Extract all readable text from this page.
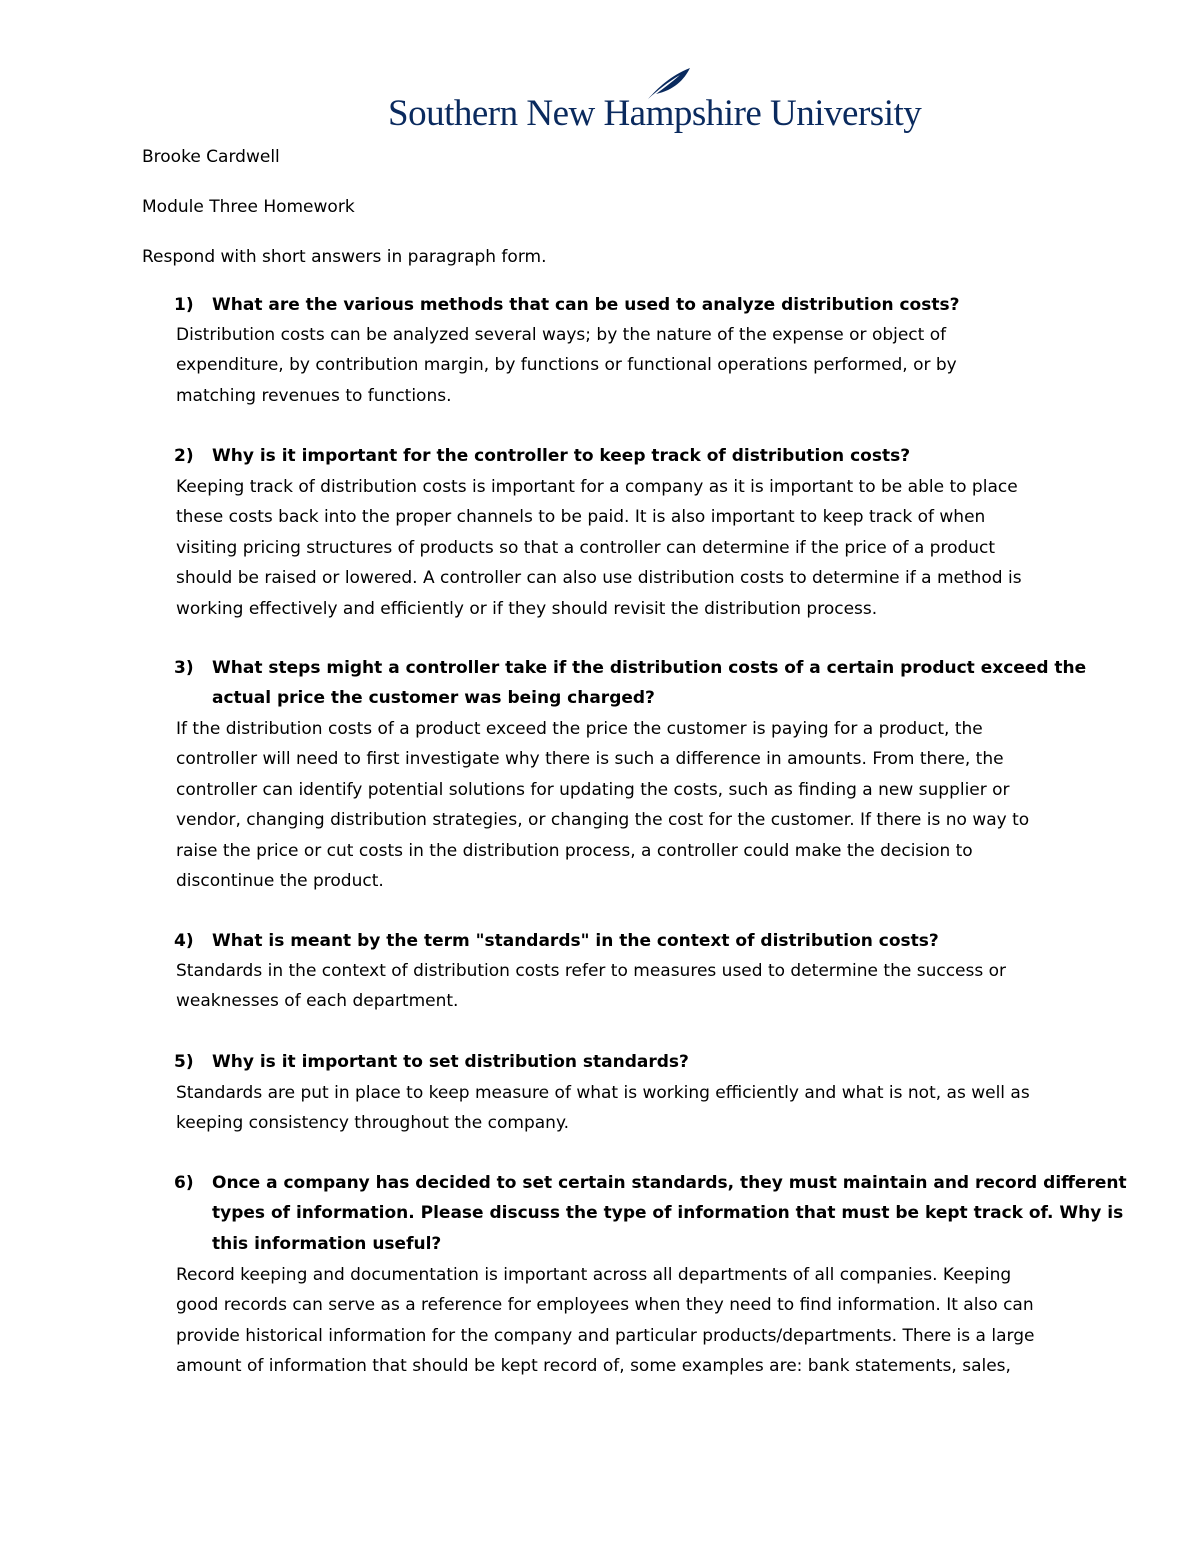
Southern New Hampshire University
Brooke Cardwell
Module Three Homework
Respond with short answers in paragraph form.
1)	What are the various methods that can be used to analyze distribution costs?
Distribution costs can be analyzed several ways; by the nature of the expense or object of
expenditure, by contribution margin, by functions or functional operations performed, or by
matching revenues to functions.
2)	Why is it important for the controller to keep track of distribution costs?
Keeping track of distribution costs is important for a company as it is important to be able to place
these costs back into the proper channels to be paid. It is also important to keep track of when
visiting pricing structures of products so that a controller can determine if the price of a product
should be raised or lowered. A controller can also use distribution costs to determine if a method is
working effectively and efficiently or if they should revisit the distribution process.
3)	What steps might a controller take if the distribution costs of a certain product exceed the
actual price the customer was being charged?
If the distribution costs of a product exceed the price the customer is paying for a product, the
controller will need to first investigate why there is such a difference in amounts. From there, the
controller can identify potential solutions for updating the costs, such as finding a new supplier or
vendor, changing distribution strategies, or changing the cost for the customer. If there is no way to
raise the price or cut costs in the distribution process, a controller could make the decision to
discontinue the product.
4)	What is meant by the term "standards" in the context of distribution costs?
Standards in the context of distribution costs refer to measures used to determine the success or
weaknesses of each department.
5)	Why is it important to set distribution standards?
Standards are put in place to keep measure of what is working efficiently and what is not, as well as
keeping consistency throughout the company.
6)	Once a company has decided to set certain standards, they must maintain and record different
types of information. Please discuss the type of information that must be kept track of. Why is
this information useful?
Record keeping and documentation is important across all departments of all companies. Keeping
good records can serve as a reference for employees when they need to find information. It also can
provide historical information for the company and particular products/departments. There is a large
amount of information that should be kept record of, some examples are: bank statements, sales,
